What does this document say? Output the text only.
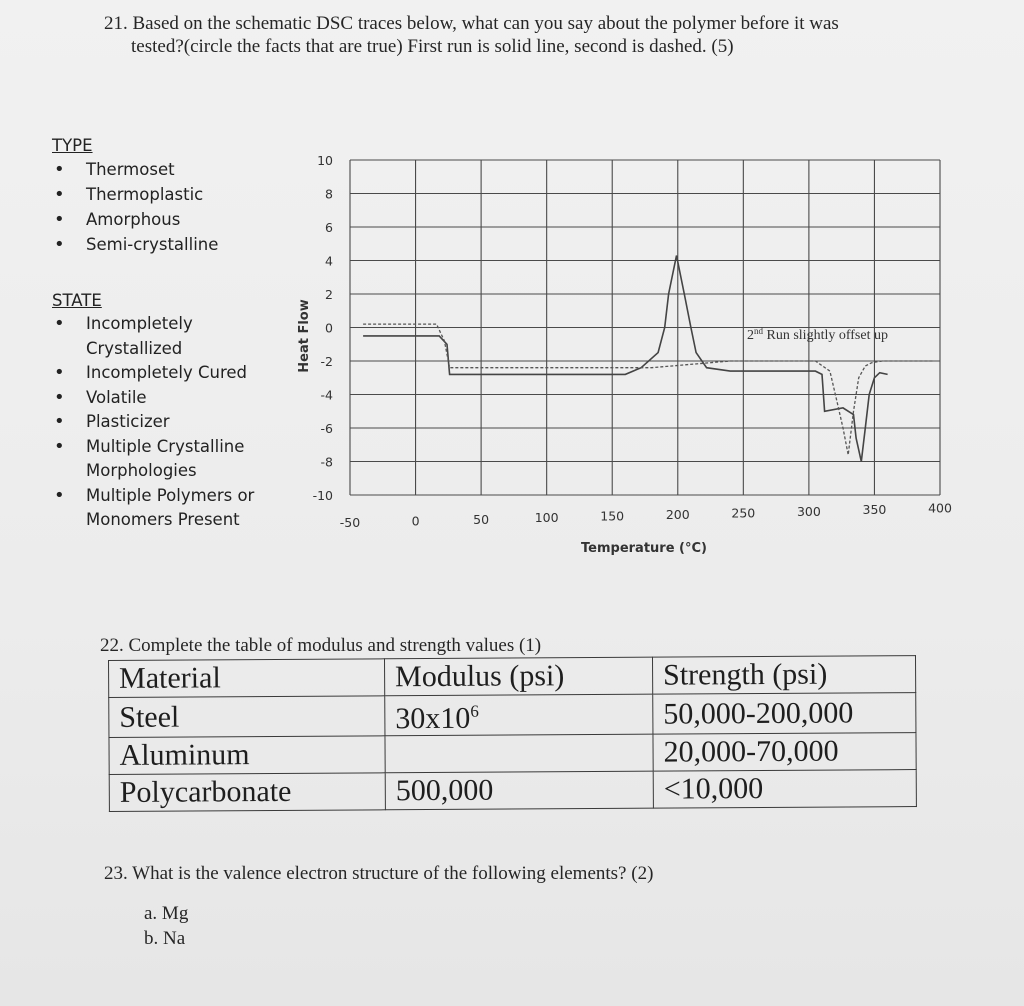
21. Based on the schematic DSC traces below, what can you say about the polymer before it was
tested?(circle the facts that are true) First run is solid line, second is dashed. (5)
TYPE
• Thermoset
• Thermoplastic
• Amorphous
• Semi-crystalline
STATE
• Incompletely
Crystallized
• Incompletely Cured
• Volatile
• Plasticizer
• Multiple Crystalline
Morphologies
• Multiple Polymers or
Monomers Present
10
8
6
4
2
0
-2
-4
-6
-8
-10
-50	0	50	100	150	200	250	300	350	400
Heat Flow
Temperature (°C)
2nd Run slightly offset up
22. Complete the table of modulus and strength values (1)
Material	Modulus (psi)	Strength (psi)
Steel	$30x10^6$	50,000-200,000
Aluminum		20,000-70,000
Polycarbonate	500,000	<10,000
23. What is the valence electron structure of the following elements? (2)
a. Mg
b. Na
